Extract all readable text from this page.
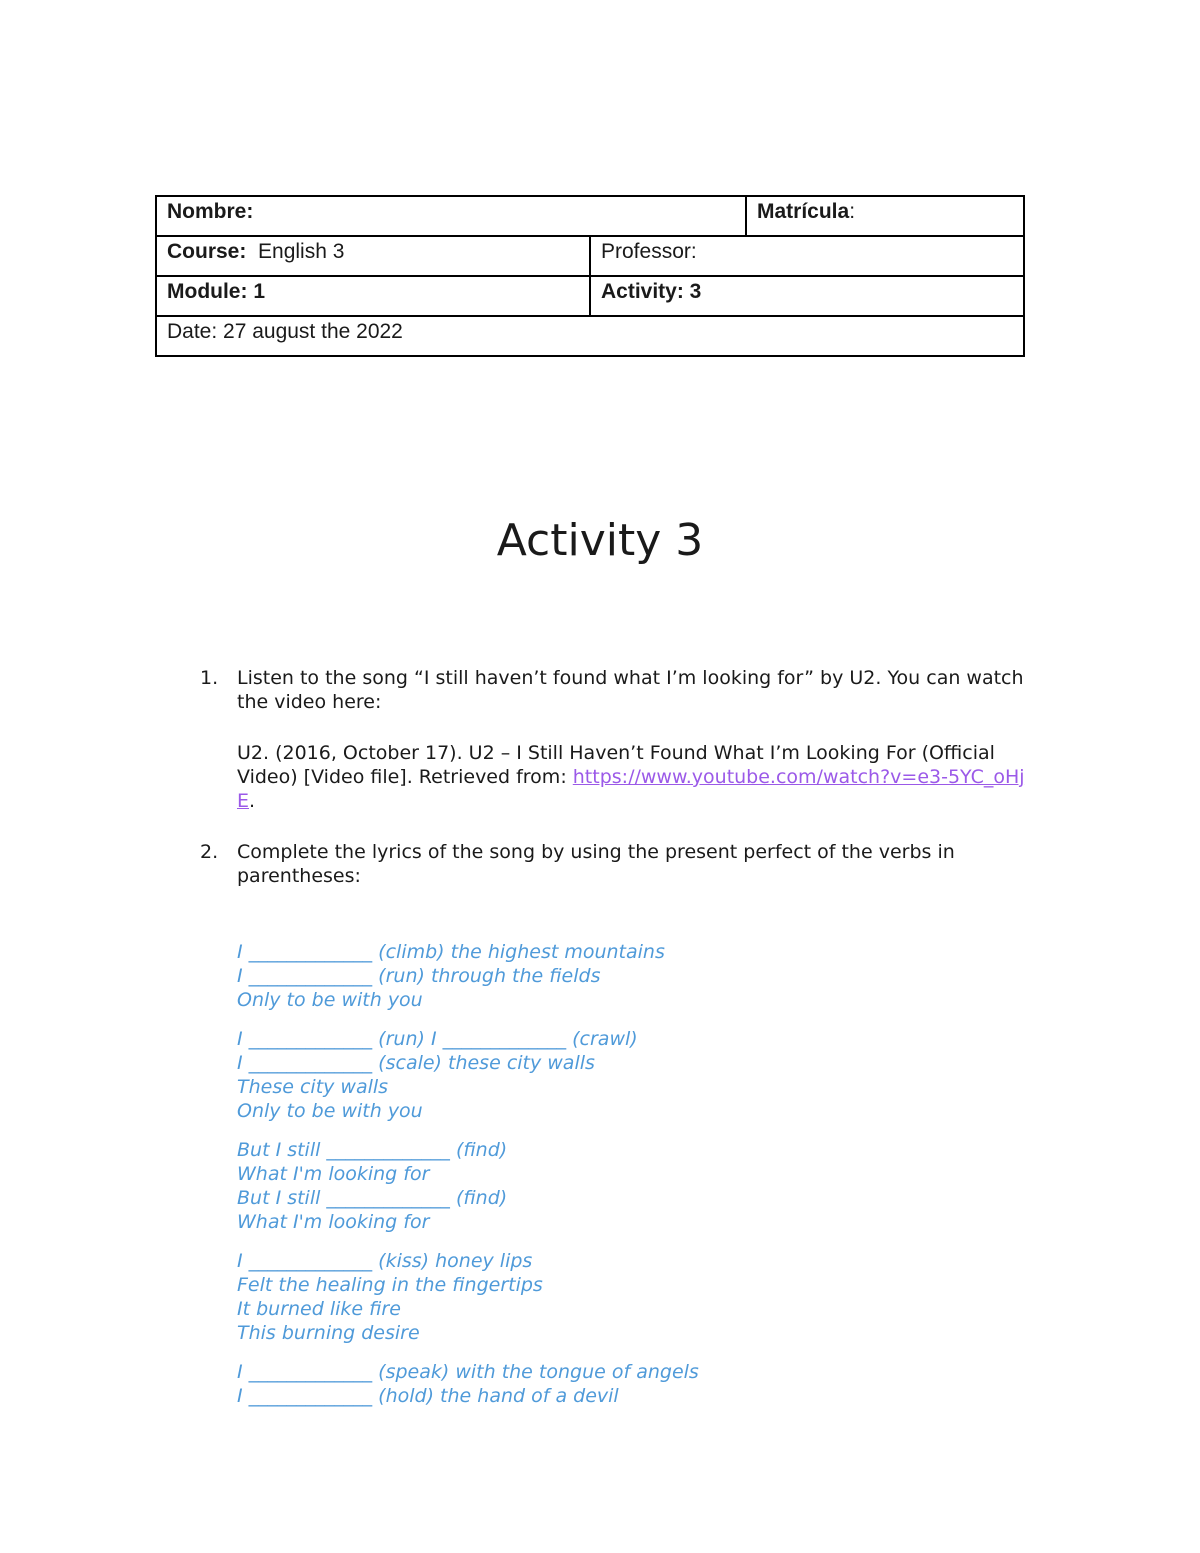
Nombre:		Matrícula:
Course: English 3	Professor:	
Module: 1	Activity: 3	
Date: 27 august the 2022		
Activity 3
1. Listen to the song “I still haven’t found what I’m looking for” by U2. You can watch the video here:

U2. (2016, October 17). U2 – I Still Haven’t Found What I’m Looking For (Official Video) [Video file]. Retrieved from: https://www.youtube.com/watch?v=e3-5YC_oHjE.

2. Complete the lyrics of the song by using the present perfect of the verbs in parentheses:

I _____________ (climb) the highest mountains
I _____________ (run) through the fields
Only to be with you
I _____________ (run) I _____________ (crawl)
I _____________ (scale) these city walls
These city walls
Only to be with you
But I still _____________ (find)
What I'm looking for
But I still _____________ (find)
What I'm looking for
I _____________ (kiss) honey lips
Felt the healing in the fingertips
It burned like fire
This burning desire
I _____________ (speak) with the tongue of angels
I _____________ (hold) the hand of a devil
